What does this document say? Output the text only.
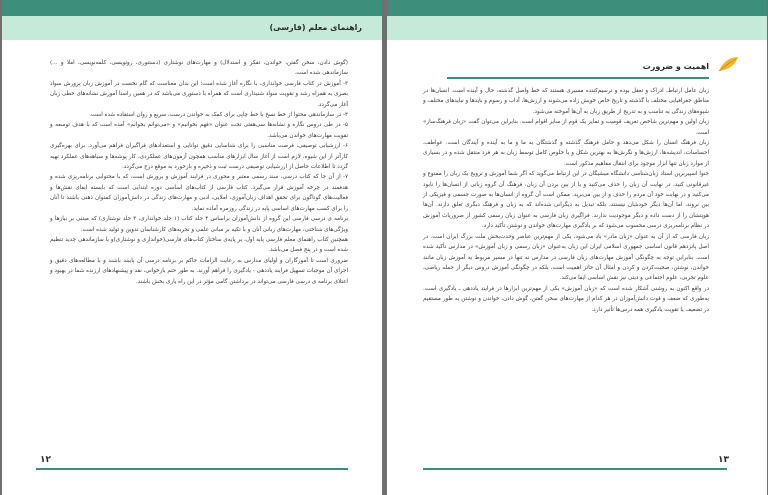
راهنمای معلم (فارسی)

(گوش دادن، سخن گفتن، خواندن، تفکر و استدلال) و مهارت‌های نوشتاری (دستنوری، روتویسی، کلمه‌نویسی، املا و ...) سازماندهی شده است.

۳- آموزش در کتاب فارسی خوانداری، با نگاره آغاز شده است؛ این بدان معناست که گام نخست در آموزش زبان پرورش سواد بصری به همراه رشد و تقویت سواد شنیداری است که همراه با دستوری می‌باشد که در همین راستا آموزش نشانه‌های خطی زبان آغاز می‌گردد.

۴- در سازماندهی محتوا از خط نسخ با خط چاپی برای کمک به خواندن درست، سریع و روان استفاده شده است.

۵- در طی دروس نگاره و نشانه‌ها سی‌هفتی تحت عنوان «فهم بخوانیم» و «می‌توانم بخوانم» آمده است که با هدف توسعه و تقویت مهارت‌های خواندن می‌باشد.

۶- ارزشیابی توصیفی، فرصت مناسبی را برای شناسایی دقیق توانایی و استعدادهای فراگیران فراهم می‌آورد. برای بهره‌گیری کارآتر از این شیوه، لازم است از آغاز سال ابزارهای مناسب همچون آزمون‌های عملکردی، کار پوشه‌ها و سیاهه‌های عملکرد تهیه گردد تا اطلاعات حاصل از ارزشیابی توصیفی درست ثبت و ذخیره و بازخورد به موقع درج می‌گردد.

۷- از آن جا که کتاب درسی، سند رسمی معتبر و محوری در فرایند آموزش و پرورش است، که با محتوایی برنامه‌ریزی شده و هدفمند در چرخه آموزش قرار می‌گیرد. کتاب فارسی از کتاب‌های اساسی دوره ابتدایی است که بایسته ایفای نقش‌ها و فعالیت‌های گوناگون برای تحقق اهداف زبان‌آموزی، املایی، ادبی و مهارت‌های زندگی در دانش‌آموزان کمتوان ذهنی باشند تا آنان را برای کسب مهارت‌های اساسی پایه در زندگی روزمره آماده نماید.

برنامه ی درسی فارسی این گروه از دانش‌آموزان براساس ۴ جلد کتاب (۱ جلد خوانداری، ۳ جلد نوشتاری) که مبتنی بر نیازها و ویژگی‌های شناختی، مهارت‌های زبانی آنان و با تکیه بر مبانی علمی و تجربه‌های کارشناسان تدوین و تولید شده است.

همچنین کتاب راهنمای معلم فارسی پایه اول، بر پایه‌ی ساختار کتاب‌های فارسی(خوانداری و نوشتاری)و با سازماندهی جدید تنظیم شده است و در پنج فصل می‌باشد.

ضروری است تا آموزگاران و اولیای مدارس به رعایت الزامات حاکم بر برنامه درسی آن پایبند باشند و با مطالعه‌های دقیق و اجرای آن موجبات تسهیل فرایند یاددهی - یادگیری را فراهم آورند. به طور حتم بازخوانی، نقد و پیشنهادهای ارزنده شما در بهبود و اعتلای برنامه ی درسی فارسی می‌تواند در برداشتن گامی مؤثر در این راه یاری‌ بخش باشند.

۱۲
اهمیت و ضرورت

زبان عامل ارتباط، ادراک و تعقل بوده و ترسیم‌کننده مسیری هستند که خط واصل گذشته، حال و آینده است. انسان‌ها در مناطق جغرافیایی مختلف با گذشته و تاریخ خاص خویش زاده می‌شوند و ارزش‌ها، آداب و رسوم و بایدها و نبایدهای مختلف و شیوه‌های زندگی به تناسب و به تدریج از طریق زبان به آن‌ها آموخته می‌شود.

زبان اولین و مهم‌ترین شاخص تعریف قومیت و تمایز یک قوم از سایر اقوام است. بنابراین می‌توان گفت «زبان فرهنگ‌ساز» است.

زبان فرهنگ انسان را شکل می‌دهد و حامل فرهنگ گذشته و گذشتگان به ما و ما به آینده و آیندگان است. عواطف، احساسات، اندیشه‌ها، ارزش‌ها و نگرش‌ها به بهترین شکل و با خلوص کامل توسط زبان به هر فرد منتقل شده و در بسیاری از موارد زبان تنها ابزار موجود برای انتقال مفاهیم مذکور است.

جنوا اسپیربرین استاد زبان‌شناسی دانشگاه میشیگان در این ارتباط می‌گوید که اگر شما آموزش و ترویج یک زبان را ممنوع و غیرقانونی کنید، در نهایت آن زبان را حذف می‌کنید و یا از بین بردن آن زبان، فرهنگ آن گروه زبانی از انسان‌ها را نابود می‌کنید و در نهایت خود آن مردم را حذف و از بین می‌برید. ممکن است آن گروه از انسان‌ها به صورت جسمی و فیزیکی از بین نروند، اما آن‌ها دیگر خودشان نیستند، بلکه تبدیل به دیگرانی شده‌اند که به زبان و فرهنگ دیگری تعلق دارند. آن‌ها هویتشان را از دست داده و دیگر موجودیت ندارند. فراگیری زبان فارسی به عنوان زبان رسمی کشور از ضروریات آموزش در نظام برنامه‌ریزی درسی محسوب می‌شود که بر یادگیری مهارت‌های خواندن و نوشتن تأکید دارد.

زبان فارسی که از آن به عنوان «زبان مادر» یاد می‌شود، یکی از مهم‌ترین عناصر وحدت‌بخش ملت بزرگ ایران است. در اصل پانزدهم قانون اساسی جمهوری اسلامی ایران این زبان به‌عنوان «زبان رسمی و زبان آموزش» در مدارس تأکید شده است. بنابراین توجه به چگونگی آموزش مهارت‌های زبان فارسی در مدارس نه تنها در مسیر مربوط به آموزش زبان مانند خواندن، نوشتن، صحبت‌کردن و کردن و امثال آن حائز اهمیت است، بلکه در چگونگی آموزش دروس دیگر از جمله ریاضی، علوم تجربی، علوم اجتماعی و دینی نیز نقش اساسی ایفا می‌کند.

در واقع اکنون به روشنی آشکار شده است که «زبان آموزش» یکی از مهم‌ترین ابزارها در فرایند یاددهی ـ یادگیری است. به‌طوری که ضعف و قوت دانش‌آموزان در هر کدام از مهارت‌های سخن گفتن، گوش دادن، خواندن و نوشتن به طور مستقیم در تضعیف یا تقویت یادگیری همه درس‌ها تأثیر دارد.

۱۳
